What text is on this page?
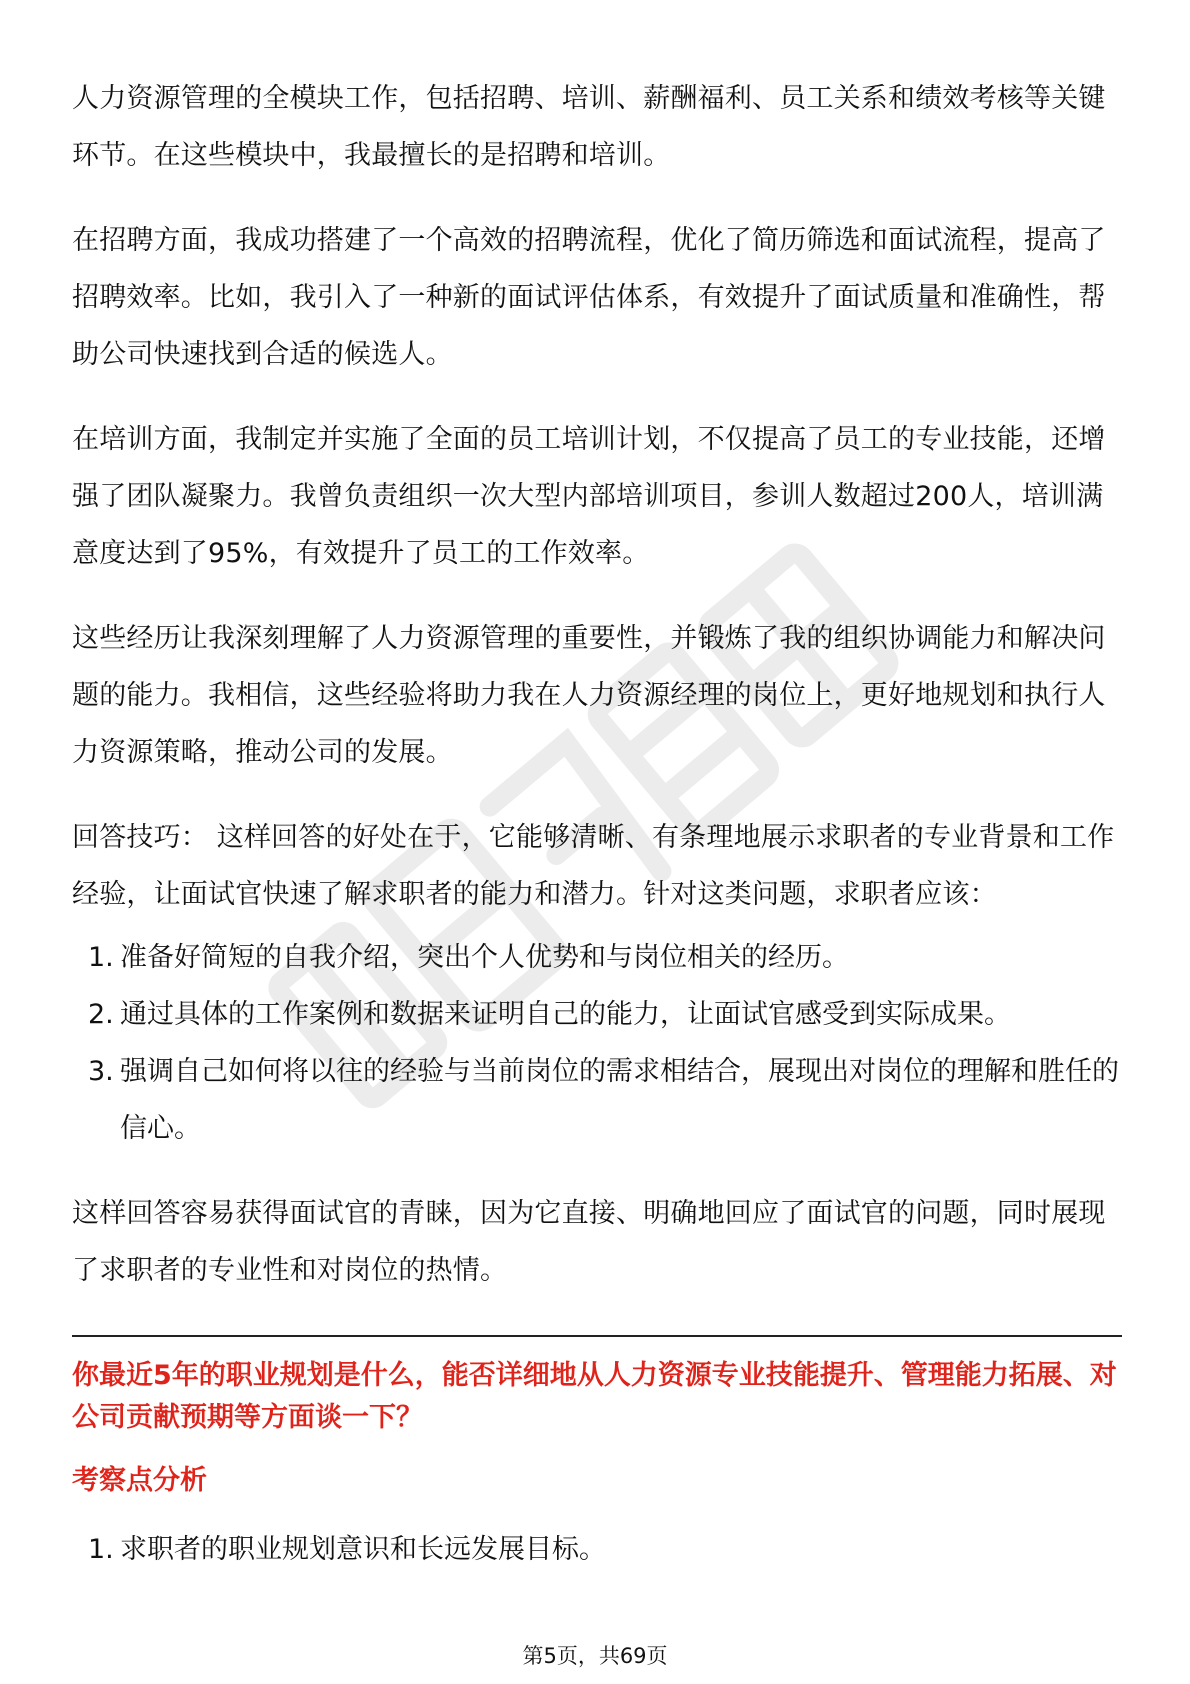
人力资源管理的全模块工作，包括招聘、培训、薪酬福利、员工关系和绩效考核等关键环节。在这些模块中，我最擅长的是招聘和培训。

在招聘方面，我成功搭建了一个高效的招聘流程，优化了简历筛选和面试流程，提高了招聘效率。比如，我引入了一种新的面试评估体系，有效提升了面试质量和准确性，帮助公司快速找到合适的候选人。

在培训方面，我制定并实施了全面的员工培训计划，不仅提高了员工的专业技能，还增强了团队凝聚力。我曾负责组织一次大型内部培训项目，参训人数超过200人，培训满意度达到了95%，有效提升了员工的工作效率。

这些经历让我深刻理解了人力资源管理的重要性，并锻炼了我的组织协调能力和解决问题的能力。我相信，这些经验将助力我在人力资源经理的岗位上，更好地规划和执行人力资源策略，推动公司的发展。

回答技巧： 这样回答的好处在于，它能够清晰、有条理地展示求职者的专业背景和工作经验，让面试官快速了解求职者的能力和潜力。针对这类问题，求职者应该：

1. 准备好简短的自我介绍，突出个人优势和与岗位相关的经历。
2. 通过具体的工作案例和数据来证明自己的能力，让面试官感受到实际成果。
3. 强调自己如何将以往的经验与当前岗位的需求相结合，展现出对岗位的理解和胜任的信心。

这样回答容易获得面试官的青睐，因为它直接、明确地回应了面试官的问题，同时展现了求职者的专业性和对岗位的热情。

你最近5年的职业规划是什么，能否详细地从人力资源专业技能提升、管理能力拓展、对公司贡献预期等方面谈一下？

考察点分析
1. 求职者的职业规划意识和长远发展目标。
第5页，共69页
